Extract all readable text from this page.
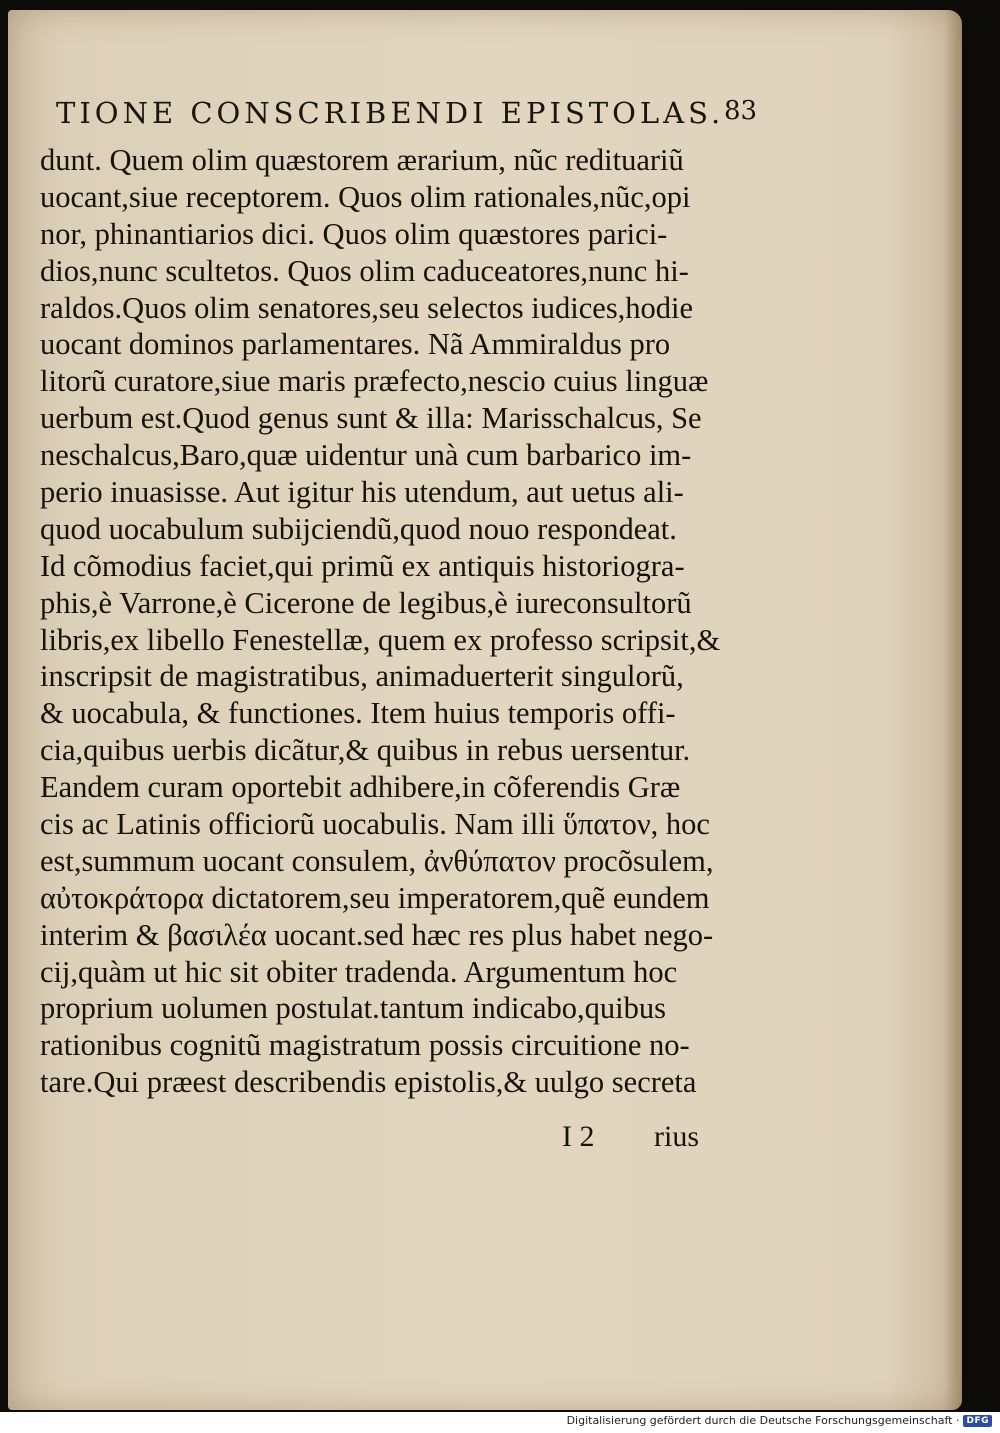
TIONE CONSCRIBENDI EPISTOLAS. 83
dunt. Quem olim quæstorem ærarium, nũc redituariũ
uocant,siue receptorem. Quos olim rationales,nũc,opi
nor, phinantiarios dici. Quos olim quæstores parici-
dios,nunc scultetos. Quos olim caduceatores,nunc hi-
raldos.Quos olim senatores,seu selectos iudices,hodie
uocant dominos parlamentares. Nã Ammiraldus pro
litorũ curatore,siue maris præfecto,nescio cuius linguæ
uerbum est.Quod genus sunt & illa: Marisschalcus, Se
neschalcus,Baro,quæ uidentur unà cum barbarico im-
perio inuasisse. Aut igitur his utendum, aut uetus ali-
quod uocabulum subĳciendũ,quod nouo respondeat.
Id cõmodius faciet,qui primũ ex antiquis historiogra-
phis,è Varrone,è Cicerone de legibus,è iureconsultorũ
libris,ex libello Fenestellæ, quem ex professo scripsit,&
inscripsit de magistratibus, animaduerterit singulorũ,
& uocabula, & functiones. Item huius temporis offi-
cia,quibus uerbis dicãtur,& quibus in rebus uersentur.
Eandem curam oportebit adhibere,in cõferendis Græ
cis ac Latinis officiorũ uocabulis. Nam illi ὕπατον, hoc
est,summum uocant consulem, ἀνθύπατον procõsulem,
αὐτοκράτορα dictatorem,seu imperatorem,quẽ eundem
interim & βασιλέα uocant.sed hæc res plus habet nego-
cĳ,quàm ut hic sit obiter tradenda. Argumentum hoc
proprium uolumen postulat.tantum indicabo,quibus
rationibus cognitũ magistratum possis circuitione no-
tare.Qui præest describendis epistolis,& uulgo secreta
I 2 rius
Digitalisierung gefördert durch die Deutsche Forschungsgemeinschaft · DFG
